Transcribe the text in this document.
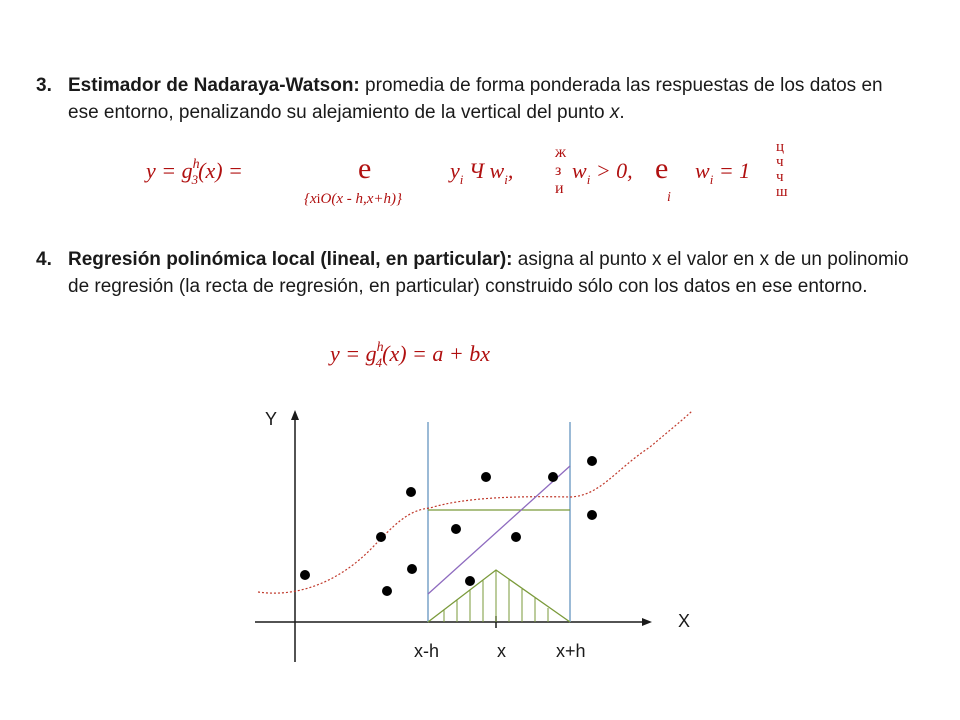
3. Estimador de Nadaraya-Watson: promedia de forma ponderada las respuestas de los datos en ese entorno, penalizando su alejamiento de la vertical del punto x.
$y = g^h_3(x)$ =	e
{xiO(x - h,x+h)}
$y_i$ Ч $w_i$,
ж
з
и
$w_i > 0$, e
i
$w_i = 1$
ц
ч
ч
ш
4. Regresión polinómica local (lineal, en particular): asigna al punto x el valor en x de un polinomio de regresión (la recta de regresión, en particular) construido sólo con los datos en ese entorno.
$y = g^h_4(x) = a$ + bx
Y
X
x-h	x	x+h
